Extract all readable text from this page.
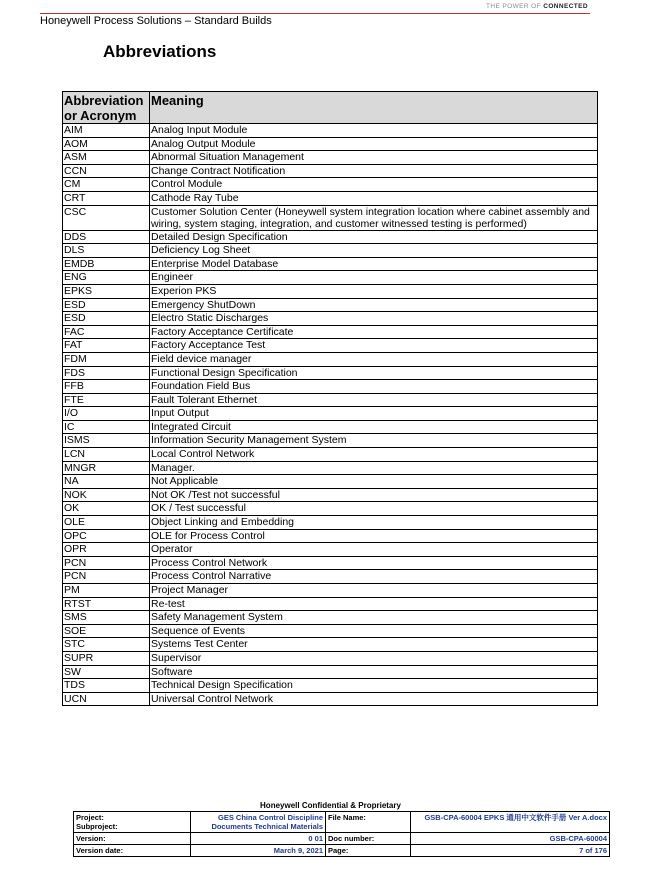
THE POWER OF CONNECTED
Honeywell Process Solutions – Standard Builds
Abbreviations
Abbreviation or Acronym	Meaning
AIM	Analog Input Module
AOM	Analog Output Module
ASM	Abnormal Situation Management
CCN	Change Contract Notification
CM	Control Module
CRT	Cathode Ray Tube
CSC	Customer Solution Center (Honeywell system integration location where cabinet assembly and wiring, system staging, integration, and customer witnessed testing is performed)
DDS	Detailed Design Specification
DLS	Deficiency Log Sheet
EMDB	Enterprise Model Database
ENG	Engineer
EPKS	Experion PKS
ESD	Emergency ShutDown
ESD	Electro Static Discharges
FAC	Factory Acceptance Certificate
FAT	Factory Acceptance Test
FDM	Field device manager
FDS	Functional Design Specification
FFB	Foundation Field Bus
FTE	Fault Tolerant Ethernet
I/O	Input Output
IC	Integrated Circuit
ISMS	Information Security Management System
LCN	Local Control Network
MNGR	Manager.
NA	Not Applicable
NOK	Not OK /Test not successful
OK	OK / Test successful
OLE	Object Linking and Embedding
OPC	OLE for Process Control
OPR	Operator
PCN	Process Control Network
PCN	Process Control Narrative
PM	Project Manager
RTST	Re-test
SMS	Safety Management System
SOE	Sequence of Events
STC	Systems Test Center
SUPR	Supervisor
SW	Software
TDS	Technical Design Specification
UCN	Universal Control Network
Honeywell Confidential & Proprietary
Project:
Subproject:	GES China Control Discipline Documents Technical Materials	File Name:	GSB-CPA-60004 EPKS 通用中文软件手册 Ver A.docx
Version:	0 01	Doc number:	GSB-CPA-60004
Version date:	March 9, 2021	Page:	7 of 176
